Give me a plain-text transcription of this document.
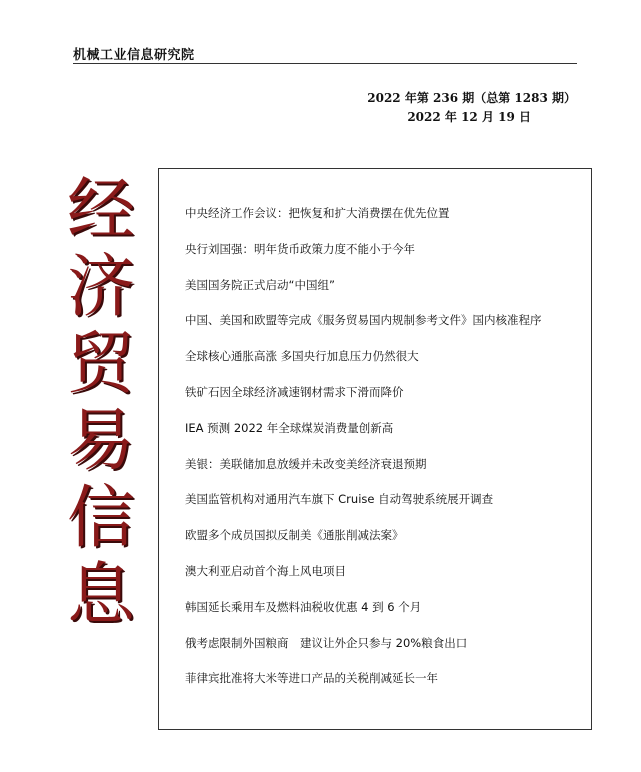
机械工业信息研究院
2022 年第 236 期（总第 1283 期）
2022 年 12 月 19 日
经
济
贸
易
信
息
中央经济工作会议：把恢复和扩大消费摆在优先位置
央行刘国强：明年货币政策力度不能小于今年
美国国务院正式启动“中国组”
中国、美国和欧盟等完成《服务贸易国内规制参考文件》国内核准程序
全球核心通胀高涨 多国央行加息压力仍然很大
铁矿石因全球经济减速钢材需求下滑而降价
IEA 预测 2022 年全球煤炭消费量创新高
美银：美联储加息放缓并未改变美经济衰退预期
美国监管机构对通用汽车旗下 Cruise 自动驾驶系统展开调查
欧盟多个成员国拟反制美《通胀削减法案》
澳大利亚启动首个海上风电项目
韩国延长乘用车及燃料油税收优惠 4 到 6 个月
俄考虑限制外国粮商　建议让外企只参与 20%粮食出口
菲律宾批准将大米等进口产品的关税削减延长一年
